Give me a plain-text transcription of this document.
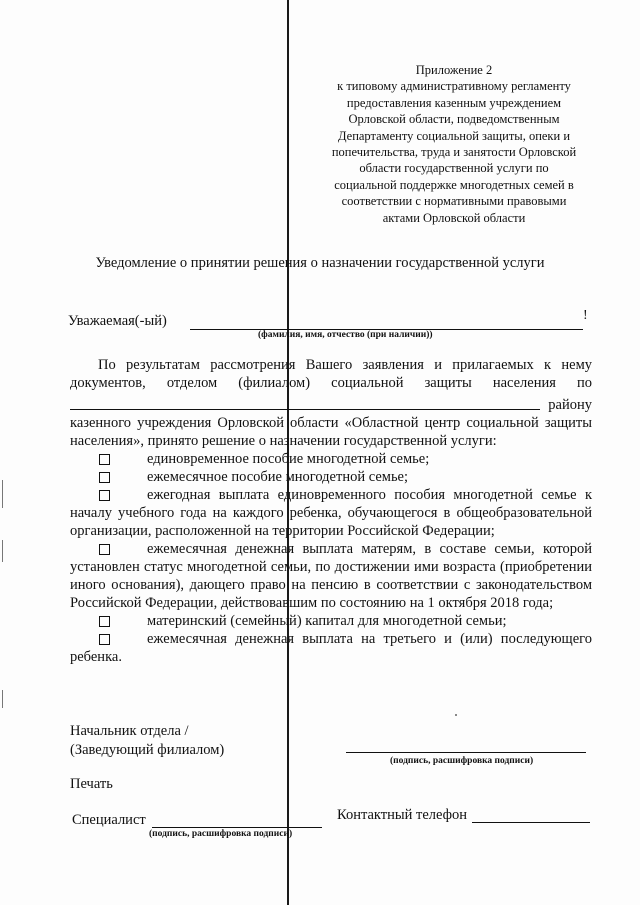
Приложение 2
к типовому административному регламенту
предоставления казенным учреждением
Орловской области, подведомственным
Департаменту социальной защиты, опеки и
попечительства, труда и занятости Орловской
области государственной услуги по
социальной поддержке многодетных семей в
соответствии с нормативными правовыми
актами Орловской области
Уведомление о принятии решения о назначении государственной услуги
Уважаемая(-ый)	!
(фамилия, имя, отчество (при наличии))

По результатам рассмотрения Вашего заявления и прилагаемых к нему

документов, отделом (филиалом) социальной защиты населения по

району

казенного учреждения Орловской области «Областной центр социальной защиты населения», принято решение о назначении государственной услуги:

единовременное пособие многодетной семье;

ежемесячное пособие многодетной семье;

ежегодная выплата единовременного пособия многодетной семье к началу учебного года на каждого ребенка, обучающегося в общеобразовательной организации, расположенной на территории Российской Федерации;

ежемесячная денежная выплата матерям, в составе семьи, которой установлен статус многодетной семьи, по достижении ими возраста (приобретении иного основания), дающего право на пенсию в соответствии с законодательством Российской Федерации, действовавшим по состоянию на 1 октября 2018 года;

материнский (семейный) капитал для многодетной семьи;

ежемесячная денежная выплата на третьего и (или) последующего ребенка.

Начальник отдела /
(Заведующий филиалом)
(подпись, расшифровка подписи)
Печать
Специалист
(подпись, расшифровка подписи)
Контактный телефон
